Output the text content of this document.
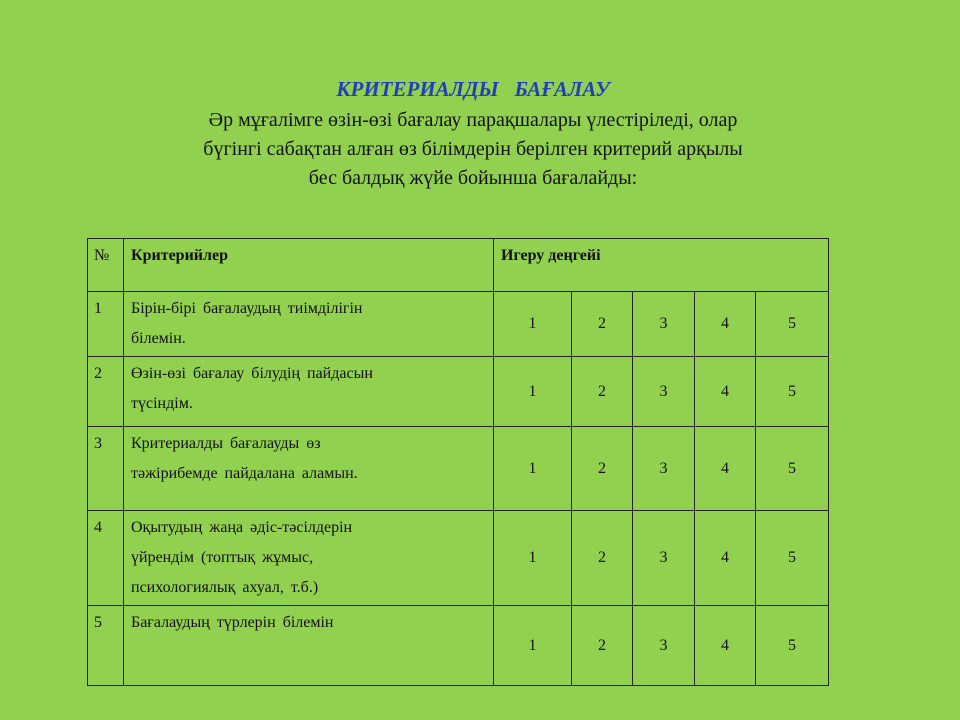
КРИТЕРИАЛДЫ   БАҒАЛАУ
Әр мұғалімге өзін-өзі бағалау парақшалары үлестіріледі, олар
бүгінгі сабақтан алған өз білімдерін берілген критерий арқылы
бес балдық жүйе бойынша бағалайды:
№	Критерийлер	Игеру деңгейі				

1	Бірін-бірі бағалаудың тиімділігін
білемін.	1	2	3	4	5

2	Өзін-өзі бағалау білудің пайдасын
түсіндім.	1	2	3	4	5

3	Критериалды бағалауды өз
тәжірибемде пайдалана аламын.	1	2	3	4	5

4	Оқытудың жаңа әдіс-тәсілдерін
үйрендім (топтық жұмыс,
психологиялық ахуал, т.б.)	1	2	3	4	5

5	Бағалаудың түрлерін білемін	1	2	3	4	5
